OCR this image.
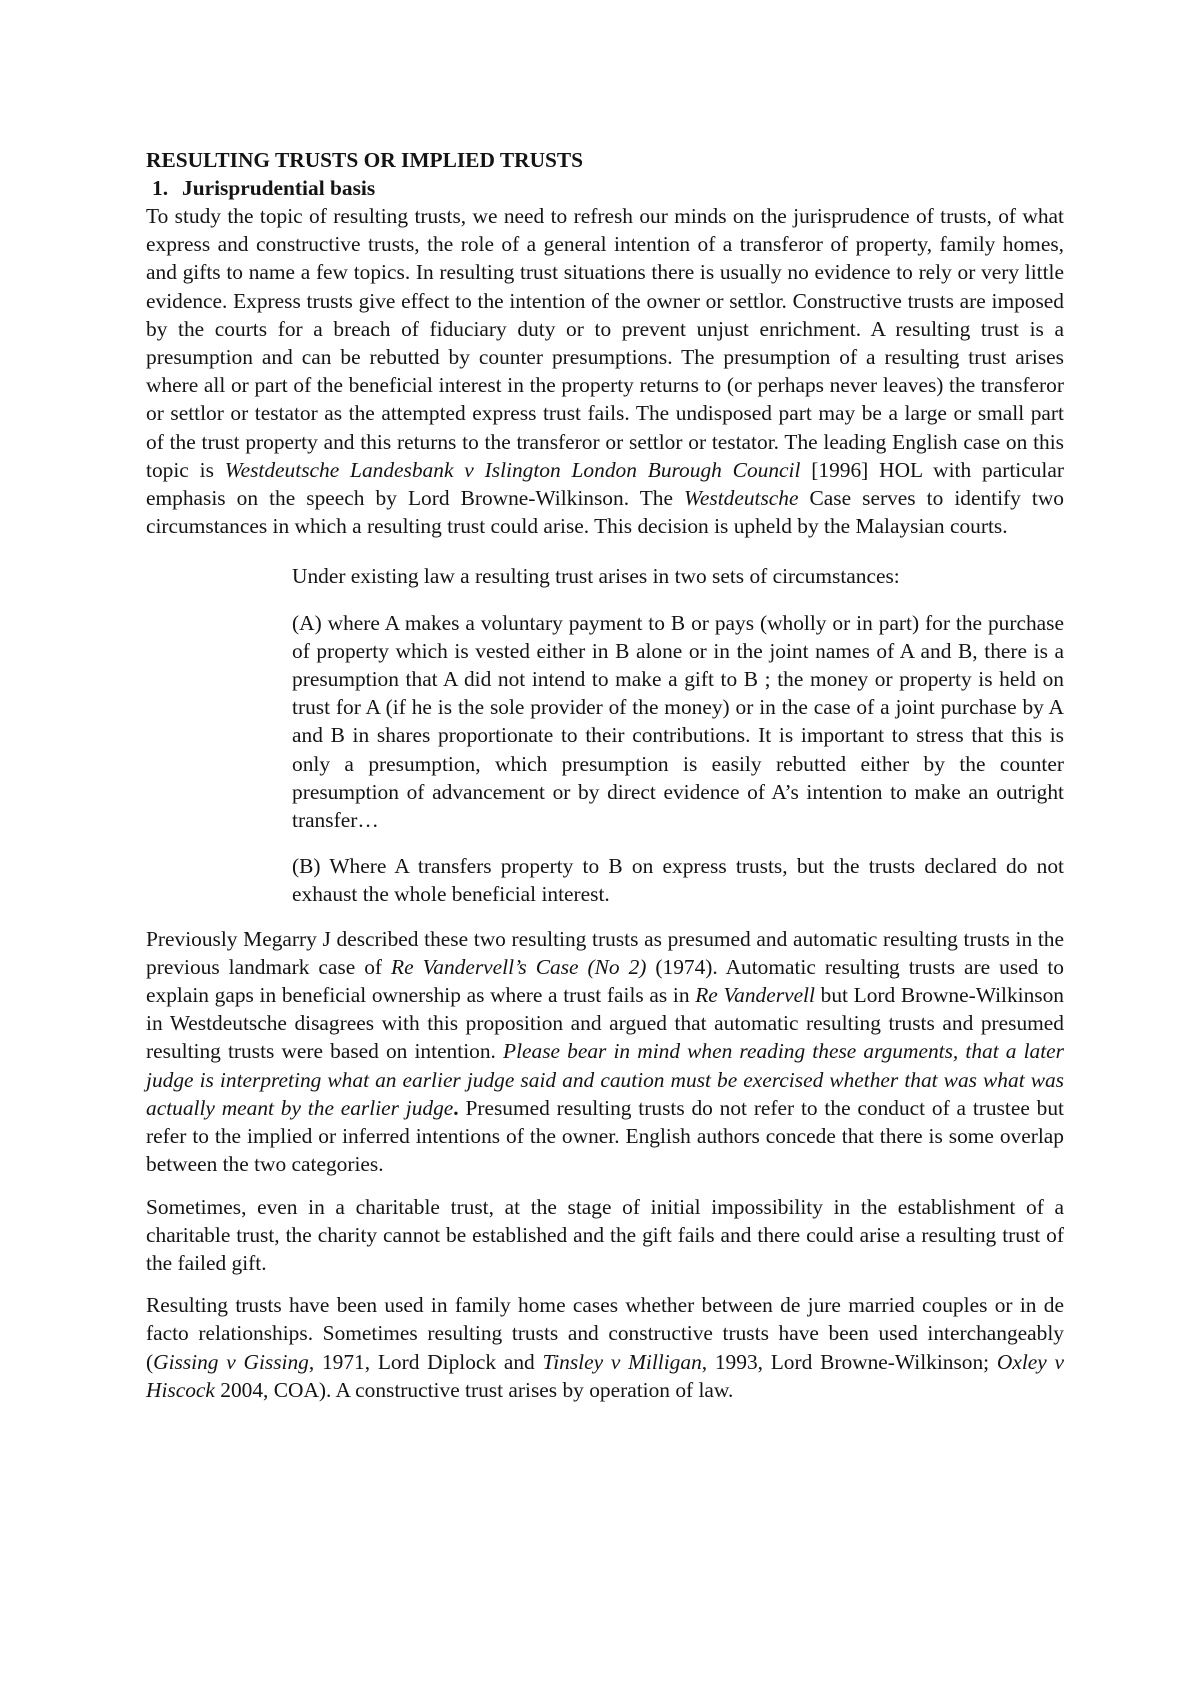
RESULTING TRUSTS OR IMPLIED TRUSTS
1. Jurisprudential basis

To study the topic of resulting trusts, we need to refresh our minds on the jurisprudence of trusts, of what express and constructive trusts, the role of a general intention of a transferor of property, family homes, and gifts to name a few topics. In resulting trust situations there is usually no evidence to rely or very little evidence. Express trusts give effect to the intention of the owner or settlor. Constructive trusts are imposed by the courts for a breach of fiduciary duty or to prevent unjust enrichment. A resulting trust is a presumption and can be rebutted by counter presumptions. The presumption of a resulting trust arises where all or part of the beneficial interest in the property returns to (or perhaps never leaves) the transferor or settlor or testator as the attempted express trust fails. The undisposed part may be a large or small part of the trust property and this returns to the transferor or settlor or testator. The leading English case on this topic is Westdeutsche Landesbank v Islington London Burough Council [1996] HOL with particular emphasis on the speech by Lord Browne-Wilkinson. The Westdeutsche Case serves to identify two circumstances in which a resulting trust could arise. This decision is upheld by the Malaysian courts.

Under existing law a resulting trust arises in two sets of circumstances:

(A) where A makes a voluntary payment to B or pays (wholly or in part) for the purchase of property which is vested either in B alone or in the joint names of A and B, there is a presumption that A did not intend to make a gift to B ; the money or property is held on trust for A (if he is the sole provider of the money) or in the case of a joint purchase by A and B in shares proportionate to their contributions. It is important to stress that this is only a presumption, which presumption is easily rebutted either by the counter presumption of advancement or by direct evidence of A’s intention to make an outright transfer…

(B) Where A transfers property to B on express trusts, but the trusts declared do not exhaust the whole beneficial interest.

Previously Megarry J described these two resulting trusts as presumed and automatic resulting trusts in the previous landmark case of Re Vandervell’s Case (No 2) (1974). Automatic resulting trusts are used to explain gaps in beneficial ownership as where a trust fails as in Re Vandervell but Lord Browne-Wilkinson in Westdeutsche disagrees with this proposition and argued that automatic resulting trusts and presumed resulting trusts were based on intention. Please bear in mind when reading these arguments, that a later judge is interpreting what an earlier judge said and caution must be exercised whether that was what was actually meant by the earlier judge. Presumed resulting trusts do not refer to the conduct of a trustee but refer to the implied or inferred intentions of the owner. English authors concede that there is some overlap between the two categories.

Sometimes, even in a charitable trust, at the stage of initial impossibility in the establishment of a charitable trust, the charity cannot be established and the gift fails and there could arise a resulting trust of the failed gift.

Resulting trusts have been used in family home cases whether between de jure married couples or in de facto relationships. Sometimes resulting trusts and constructive trusts have been used interchangeably (Gissing v Gissing, 1971, Lord Diplock and Tinsley v Milligan, 1993, Lord Browne-Wilkinson; Oxley v Hiscock 2004, COA). A constructive trust arises by operation of law.
